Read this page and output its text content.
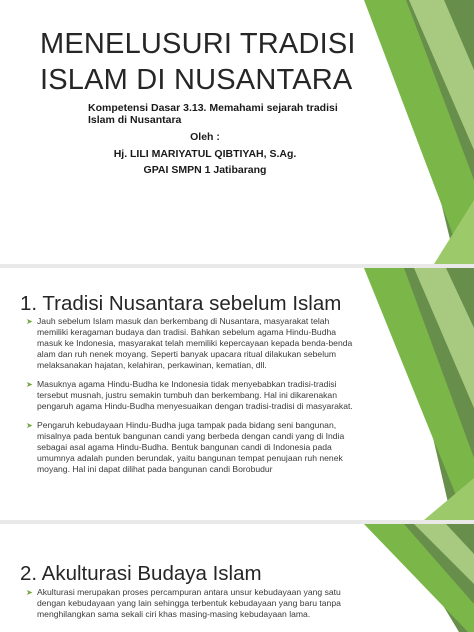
MENELUSURI TRADISI
ISLAM DI NUSANTARA
Kompetensi Dasar 3.13. Memahami sejarah tradisi Islam di Nusantara
Oleh :
Hj. LILI MARIYATUL QIBTIYAH, S.Ag.
GPAI SMPN 1 Jatibarang
1. Tradisi Nusantara sebelum Islam
➤ Jauh sebelum Islam masuk dan berkembang di Nusantara, masyarakat telah memiliki keragaman budaya dan tradisi. Bahkan sebelum agama Hindu-Budha masuk ke Indonesia, masyarakat telah memiliki kepercayaan kepada benda-benda alam dan ruh nenek moyang. Seperti banyak upacara ritual dilakukan sebelum melaksanakan hajatan, kelahiran, perkawinan, kematian, dll.
➤ Masuknya agama Hindu-Budha ke Indonesia tidak menyebabkan tradisi-tradisi tersebut musnah, justru semakin tumbuh dan berkembang. Hal ini dikarenakan pengaruh agama Hindu-Budha menyesuaikan dengan tradisi-tradisi di masyarakat.
➤ Pengaruh kebudayaan Hindu-Budha juga tampak pada bidang seni bangunan, misalnya pada bentuk bangunan candi yang berbeda dengan candi yang di India sebagai asal agama Hindu-Budha. Bentuk bangunan candi di Indonesia pada umumnya adalah punden berundak, yaitu bangunan tempat penujaan ruh nenek moyang. Hal ini dapat dilihat pada bangunan candi Borobudur
2. Akulturasi Budaya Islam
➤ Akulturasi merupakan proses percampuran antara unsur kebudayaan yang satu dengan kebudayaan yang lain sehingga terbentuk kebudayaan yang baru tanpa menghilangkan sama sekali ciri khas masing-masing kebudayaan lama.
